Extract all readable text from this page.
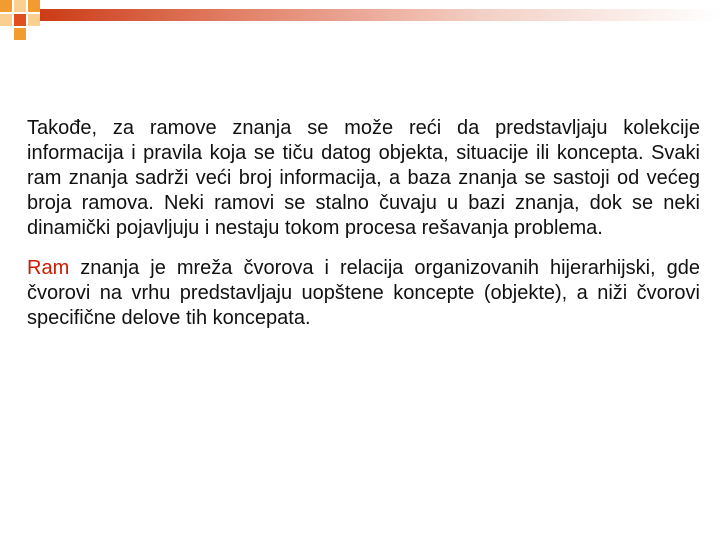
Takođe, za ramove znanja se može reći da predstavljaju kolekcije informacija i pravila koja se tiču datog objekta, situacije ili koncepta. Svaki ram znanja sadrži veći broj informacija, a baza znanja se sastoji od većeg broja ramova. Neki ramovi se stalno čuvaju u bazi znanja, dok se neki dinamički pojavljuju i nestaju tokom procesa rešavanja problema.

Ram znanja je mreža čvorova i relacija organizovanih hijerarhijski, gde čvorovi na vrhu predstavljaju uopštene koncepte (objekte), a niži čvorovi specifične delove tih koncepata.
